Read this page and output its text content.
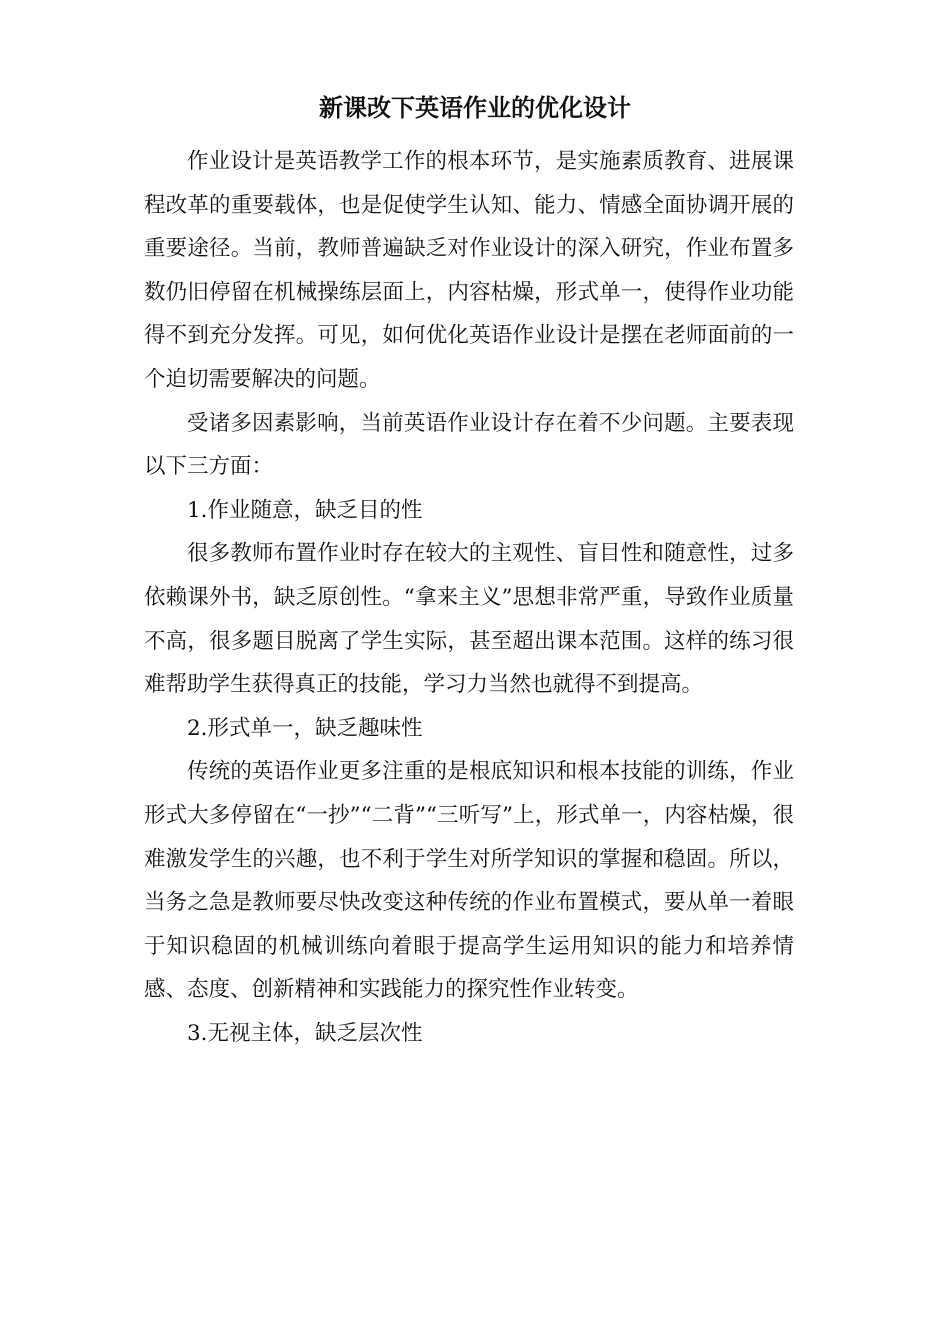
新课改下英语作业的优化设计

作业设计是英语教学工作的根本环节，是实施素质教育、进展课程改革的重要载体，也是促使学生认知、能力、情感全面协调开展的重要途径。当前，教师普遍缺乏对作业设计的深入研究，作业布置多数仍旧停留在机械操练层面上，内容枯燥，形式单一，使得作业功能得不到充分发挥。可见，如何优化英语作业设计是摆在老师面前的一个迫切需要解决的问题。

受诸多因素影响，当前英语作业设计存在着不少问题。主要表现以下三方面：

1.作业随意，缺乏目的性

很多教师布置作业时存在较大的主观性、盲目性和随意性，过多依赖课外书，缺乏原创性。“拿来主义”思想非常严重，导致作业质量不高，很多题目脱离了学生实际，甚至超出课本范围。这样的练习很难帮助学生获得真正的技能，学习力当然也就得不到提高。

2.形式单一，缺乏趣味性

传统的英语作业更多注重的是根底知识和根本技能的训练，作业形式大多停留在“一抄”“二背”“三听写”上，形式单一，内容枯燥，很难激发学生的兴趣，也不利于学生对所学知识的掌握和稳固。所以，当务之急是教师要尽快改变这种传统的作业布置模式，要从单一着眼于知识稳固的机械训练向着眼于提高学生运用知识的能力和培养情感、态度、创新精神和实践能力的探究性作业转变。

3.无视主体，缺乏层次性
